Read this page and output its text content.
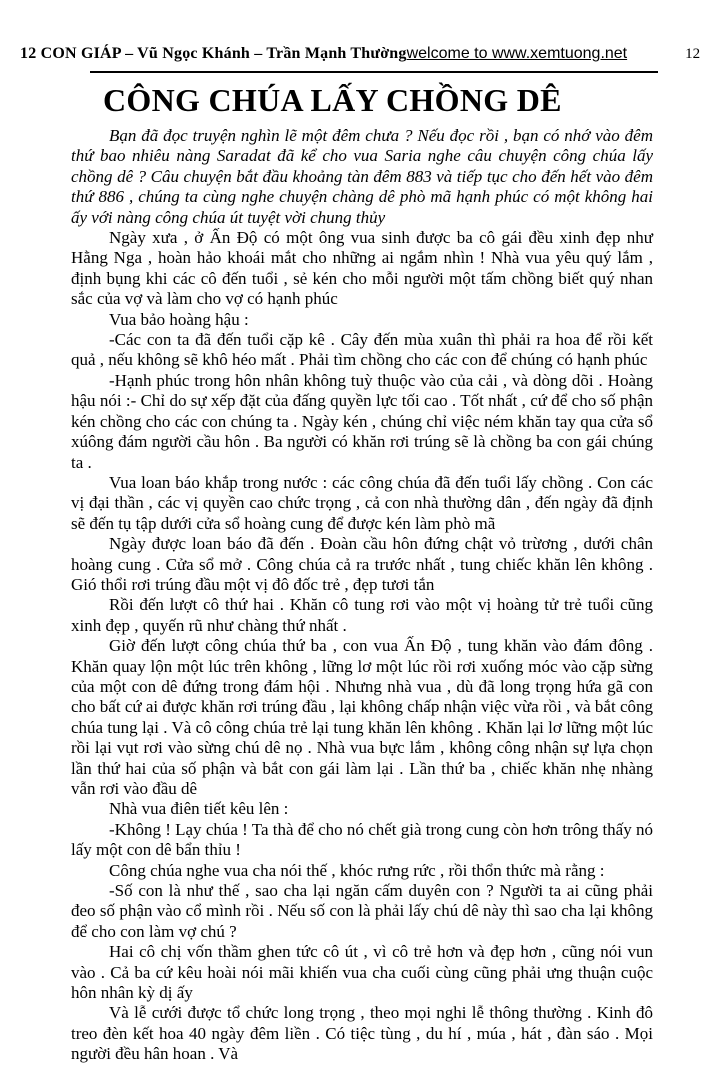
12 CON GIÁP – Vũ Ngọc Khánh – Trần Mạnh Thường welcome to www.xemtuong.net	12
CÔNG CHÚA LẤY CHỒNG DÊ

Bạn đã đọc truyện nghìn lẽ một đêm chưa ? Nếu đọc rồi , bạn có nhớ vào đêm thứ bao nhiêu nàng Saradat đã kể cho vua Saria nghe câu chuyện công chúa lấy chồng dê ? Câu chuyện bắt đầu khoảng tàn đêm 883 và tiếp tục cho đến hết vào đêm thứ 886 , chúng ta cùng nghe chuyện chàng dê phò mã hạnh phúc có một không hai ấy với nàng công chúa út tuyệt vời chung thủy

Ngày xưa , ở Ấn Độ có một ông vua sinh được ba cô gái đều xinh đẹp như Hằng Nga , hoàn hảo khoái mắt cho những ai ngắm nhìn ! Nhà vua yêu quý lắm , định bụng khi các cô đến tuổi , sẻ kén cho mỗi người một tấm chồng biết quý nhan sắc của vợ và làm cho vợ có hạnh phúc

Vua bảo hoàng hậu :

-Các con ta đã đến tuổi cặp kê . Cây đến mùa xuân thì phải ra hoa để rồi kết quả , nếu không sẽ khô héo mất . Phải tìm chồng cho các con để chúng có hạnh phúc

-Hạnh phúc trong hôn nhân không tuỳ thuộc vào của cải , và dòng dõi . Hoàng hậu nói :- Chỉ do sự xếp đặt của đấng quyền lực tối cao . Tốt nhất , cứ để cho số phận kén chồng cho các con chúng ta . Ngày kén , chúng chỉ việc ném khăn tay qua cửa sổ xúông đám người cầu hôn . Ba người có khăn rơi trúng sẽ là chồng ba con gái chúng ta .

Vua loan báo khắp trong nước : các công chúa đã đến tuổi lấy chồng . Con các vị đại thần , các vị quyền cao chức trọng , cả con nhà thường dân , đến ngày đã định sẽ đến tụ tập dưới cửa sổ hoàng cung để được kén làm phò mã

Ngày được loan báo đã đến . Đoàn cầu hôn đứng chật vỏ trừơng , dưới chân hoàng cung . Cửa sổ mở . Công chúa cả ra trước nhất , tung chiếc khăn lên không . Gió thổi rơi trúng đầu một vị đô đốc trẻ , đẹp tươi tắn

Rồi đến lượt cô thứ hai . Khăn cô tung rơi vào một vị hoàng tử trẻ tuổi cũng xinh đẹp , quyến rũ như chàng thứ nhất .

Giờ đến lượt công chúa thứ ba , con vua Ấn Độ , tung khăn vào đám đông . Khăn quay lộn một lúc trên không , lững lơ một lúc rồi rơi xuống móc vào cặp sừng của một con dê đứng trong đám hội . Nhưng nhà vua , dù đã long trọng hứa gã con cho bất cứ ai được khăn rơi trúng đầu , lại không chấp nhận việc vừa rồi , và bắt công chúa tung lại . Và cô công chúa trẻ lại tung khăn lên không . Khăn lại lơ lững một lúc rồi lại vụt rơi vào sừng chú dê nọ . Nhà vua bực lắm , không công nhận sự lựa chọn lần thứ hai của số phận và bắt con gái làm lại . Lần thứ ba , chiếc khăn nhẹ nhàng vẫn rơi vào đầu dê

Nhà vua điên tiết kêu lên :

-Không ! Lạy chúa ! Ta thà để cho nó chết già trong cung còn hơn trông thấy nó lấy một con dê bẩn thỉu !

Công chúa nghe vua cha nói thế , khóc rưng rức , rồi thổn thức mà rằng :

-Số con là như thế , sao cha lại ngăn cấm duyên con ? Người ta ai cũng phải đeo số phận vào cổ mình rồi . Nếu số con là phải lấy chú dê này thì sao cha lại không để cho con làm vợ chú ?

Hai cô chị vốn thầm ghen tức cô út , vì cô trẻ hơn và đẹp hơn , cũng nói vun vào . Cả ba cứ kêu hoài nói mãi khiến vua cha cuối cùng cũng phải ưng thuận cuộc hôn nhân kỳ dị ấy

Và lễ cưới được tổ chức long trọng , theo mọi nghi lễ thông thường . Kinh đô treo đèn kết hoa 40 ngày đêm liền . Có tiệc tùng , du hí , múa , hát , đàn sáo . Mọi người đều hân hoan . Và
